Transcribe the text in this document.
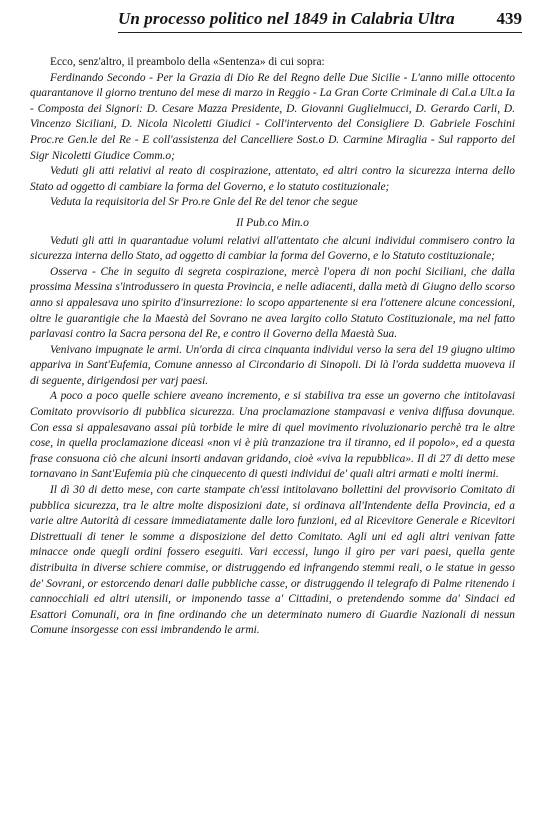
Un processo politico nel 1849 in Calabria Ultra 439

Ecco, senz'altro, il preambolo della «Sentenza» di cui sopra:

Ferdinando Secondo - Per la Grazia di Dio Re del Regno delle Due Sicilie - L'anno mille ottocento quarantanove il giorno trentuno del mese di marzo in Reggio - La Gran Corte Criminale di Cal.a Ult.a Ia - Composta dei Signori: D. Cesare Mazza Presidente, D. Giovanni Guglielmucci, D. Gerardo Carli, D. Vincenzo Siciliani, D. Nicola Nicoletti Giudici - Coll'intervento del Consigliere D. Gabriele Foschini Proc.re Gen.le del Re - E coll'assistenza del Cancelliere Sost.o D. Carmine Miraglia - Sul rapporto del Sigr Nicoletti Giudice Comm.o;

Veduti gli atti relativi al reato di cospirazione, attentato, ed altri contro la sicurezza interna dello Stato ad oggetto di cambiare la forma del Governo, e lo statuto costituzionale;

Veduta la requisitoria del Sr Pro.re Gnle del Re del tenor che segue

Il Pub.co Min.o

Veduti gli atti in quarantadue volumi relativi all'attentato che alcuni individui commisero contro la sicurezza interna dello Stato, ad oggetto di cambiar la forma del Governo, e lo Statuto costituzionale;

Osserva - Che in seguito di segreta cospirazione, mercè l'opera di non pochi Siciliani, che dalla prossima Messina s'introdussero in questa Provincia, e nelle adiacenti, dalla metà di Giugno dello scorso anno si appalesava uno spirito d'insurrezione: lo scopo appartenente si era l'ottenere alcune concessioni, oltre le guarantigie che la Maestà del Sovrano ne avea largito collo Statuto Costituzionale, ma nel fatto parlavasi contro la Sacra persona del Re, e contro il Governo della Maestà Sua.

Venivano impugnate le armi. Un'orda di circa cinquanta individui verso la sera del 19 giugno ultimo appariva in Sant'Eufemia, Comune annesso al Circondario di Sinopoli. Di là l'orda suddetta muoveva il di seguente, dirigendosi per varj paesi.

A poco a poco quelle schiere aveano incremento, e si stabiliva tra esse un governo che intitolavasi Comitato provvisorio di pubblica sicurezza. Una proclamazione stampavasi e veniva diffusa dovunque. Con essa si appalesavano assai più torbide le mire di quel movimento rivoluzionario perchè tra le altre cose, in quella proclamazione diceasi «non vi è più tranzazione tra il tiranno, ed il popolo», ed a questa frase consuona ciò che alcuni insorti andavan gridando, cioè «viva la repubblica». Il di 27 di detto mese tornavano in Sant'Eufemia più che cinquecento di questi individui de' quali altri armati e molti inermi.

Il dì 30 di detto mese, con carte stampate ch'essi intitolavano bollettini del provvisorio Comitato di pubblica sicurezza, tra le altre molte disposizioni date, si ordinava all'Intendente della Provincia, ed a varie altre Autorità di cessare immediatamente dalle loro funzioni, ed al Ricevitore Generale e Ricevitori Distrettuali di tener le somme a disposizione del detto Comitato. Agli uni ed agli altri venivan fatte minacce onde quegli ordini fossero eseguiti. Vari eccessi, lungo il giro per vari paesi, quella gente distribuita in diverse schiere commise, or distruggendo ed infrangendo stemmi reali, o le statue in gesso de' Sovrani, or estorcendo denari dalle pubbliche casse, or distruggendo il telegrafo di Palme ritenendo i cannocchiali ed altri utensili, or imponendo tasse a' Cittadini, o pretendendo somme da' Sindaci ed Esattori Comunali, ora in fine ordinando che un determinato numero di Guardie Nazionali di nessun Comune insorgesse con essi imbrandendo le armi.
